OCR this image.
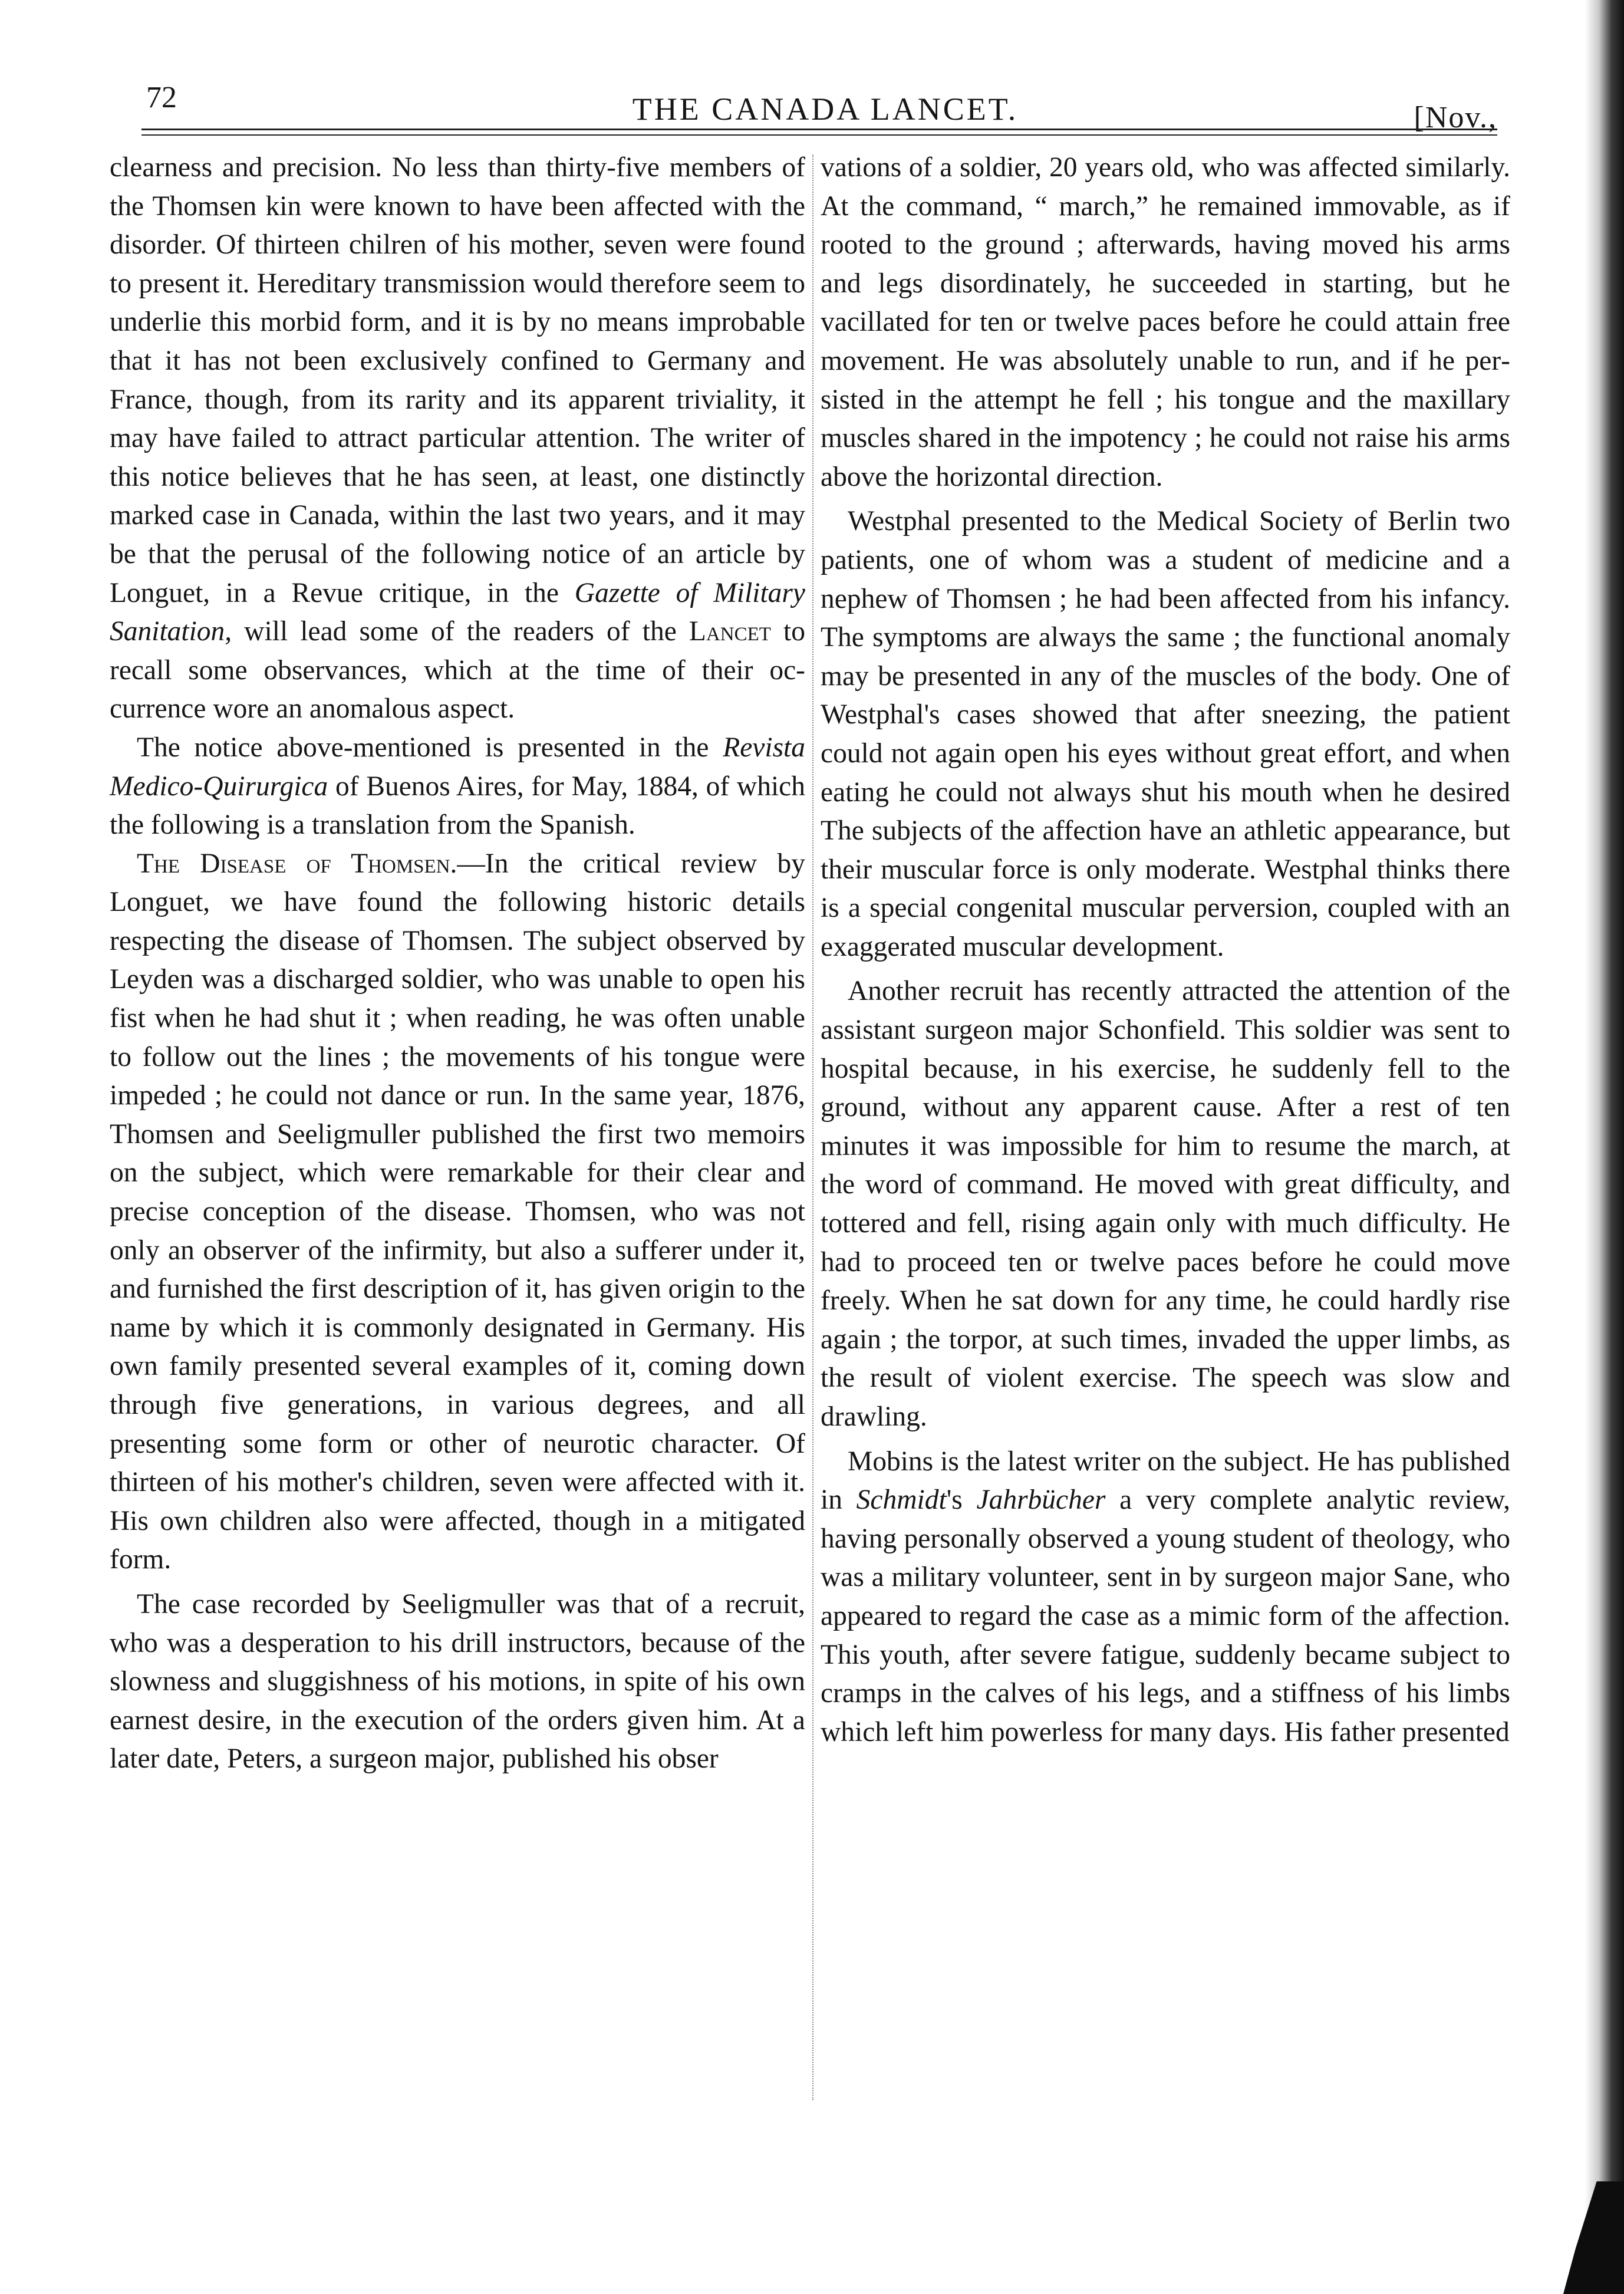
72	THE CANADA LANCET.	[Nov.,

clearness and precision. No less than thirty-five members of the Thomsen kin were known to have been affected with the disorder. Of thirteen chilren of his mother, seven were found to present it. Hereditary transmission would therefore seem to underlie this morbid form, and it is by no means improbable that it has not been exclusively confined to Germany and France, though, from its rarity and its apparent triviality, it may have failed to attract particular attention. The writer of this notice believes that he has seen, at least, one distinctly marked case in Canada, within the last two years, and it may be that the perusal of the following notice of an article by Longuet, in a Revue critique, in the Gazette of Military Sanitation, will lead some of the readers of the Lancet to recall some observances, which at the time of their occurrence wore an anomalous aspect.

The notice above-mentioned is presented in the Revista Medico-Quirurgica of Buenos Aires, for May, 1884, of which the following is a translation from the Spanish.

The Disease of Thomsen.—In the critical review by Longuet, we have found the following historic details respecting the disease of Thomsen. The subject observed by Leyden was a discharged soldier, who was unable to open his fist when he had shut it ; when reading, he was often unable to follow out the lines ; the movements of his tongue were impeded ; he could not dance or run. In the same year, 1876, Thomsen and Seeligmuller published the first two memoirs on the subject, which were remarkable for their clear and precise conception of the disease. Thomsen, who was not only an observer of the infirmity, but also a sufferer under it, and furnished the first description of it, has given origin to the name by which it is commonly designated in Germany. His own family presented several examples of it, coming down through five generations, in various degrees, and all presenting some form or other of neurotic character. Of thirteen of his mother's children, seven were affected with it. His own children also were affected, though in a mitigated form.

The case recorded by Seeligmuller was that of a recruit, who was a desperation to his drill instructors, because of the slowness and sluggishness of his motions, in spite of his own earnest desire, in the execution of the orders given him. At a later date, Peters, a surgeon major, published his obser

vations of a soldier, 20 years old, who was affected similarly. At the command, “ march,” he remained immovable, as if rooted to the ground ; afterwards, having moved his arms and legs disordinately, he succeeded in starting, but he vacillated for ten or twelve paces before he could attain free movement. He was absolutely unable to run, and if he persisted in the attempt he fell ; his tongue and the maxillary muscles shared in the impotency ; he could not raise his arms above the horizontal direction.

Westphal presented to the Medical Society of Berlin two patients, one of whom was a student of medicine and a nephew of Thomsen ; he had been affected from his infancy. The symptoms are always the same ; the functional anomaly may be presented in any of the muscles of the body. One of Westphal's cases showed that after sneezing, the patient could not again open his eyes without great effort, and when eating he could not always shut his mouth when he desired The subjects of the affection have an athletic appearance, but their muscular force is only moderate. Westphal thinks there is a special congenital muscular perversion, coupled with an exaggerated muscular development.

Another recruit has recently attracted the attention of the assistant surgeon major Schonfield. This soldier was sent to hospital because, in his exercise, he suddenly fell to the ground, without any apparent cause. After a rest of ten minutes it was impossible for him to resume the march, at the word of command. He moved with great difficulty, and tottered and fell, rising again only with much difficulty. He had to proceed ten or twelve paces before he could move freely. When he sat down for any time, he could hardly rise again ; the torpor, at such times, invaded the upper limbs, as the result of violent exercise. The speech was slow and drawling.

Mobins is the latest writer on the subject. He has published in Schmidt's Jahrbücher a very complete analytic review, having personally observed a young student of theology, who was a military volunteer, sent in by surgeon major Sane, who appeared to regard the case as a mimic form of the affection. This youth, after severe fatigue, suddenly became subject to cramps in the calves of his legs, and a stiffness of his limbs which left him powerless for many days. His father presented
